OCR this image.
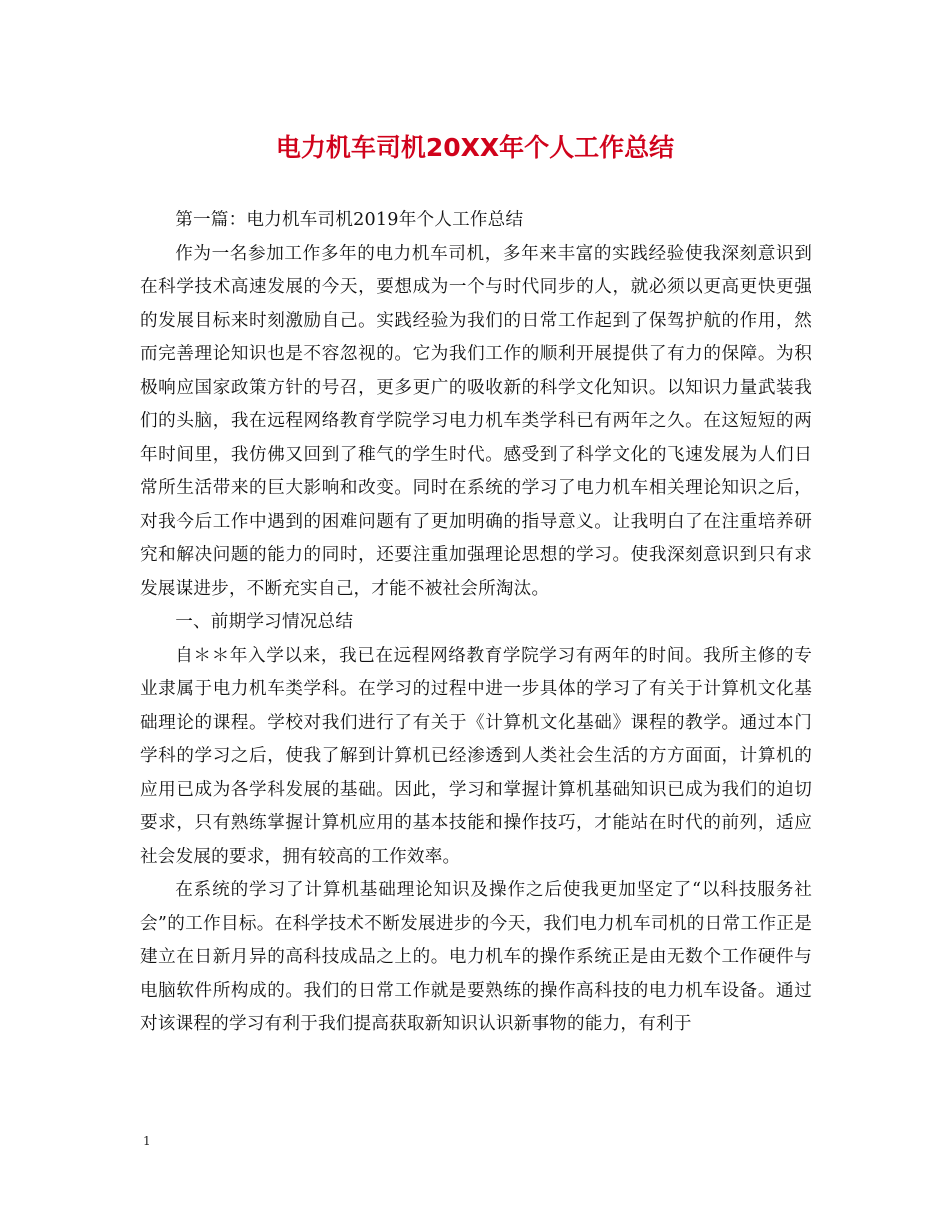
电力机车司机20XX年个人工作总结

第一篇：电力机车司机2019年个人工作总结

作为一名参加工作多年的电力机车司机，多年来丰富的实践经验使我深刻意识到在科学技术高速发展的今天，要想成为一个与时代同步的人，就必须以更高更快更强的发展目标来时刻激励自己。实践经验为我们的日常工作起到了保驾护航的作用，然而完善理论知识也是不容忽视的。它为我们工作的顺利开展提供了有力的保障。为积极响应国家政策方针的号召，更多更广的吸收新的科学文化知识。以知识力量武装我们的头脑，我在远程网络教育学院学习电力机车类学科已有两年之久。在这短短的两年时间里，我仿佛又回到了稚气的学生时代。感受到了科学文化的飞速发展为人们日常所生活带来的巨大影响和改变。同时在系统的学习了电力机车相关理论知识之后，对我今后工作中遇到的困难问题有了更加明确的指导意义。让我明白了在注重培养研究和解决问题的能力的同时，还要注重加强理论思想的学习。使我深刻意识到只有求发展谋进步，不断充实自己，才能不被社会所淘汰。

一、前期学习情况总结

自＊＊年入学以来，我已在远程网络教育学院学习有两年的时间。我所主修的专业隶属于电力机车类学科。在学习的过程中进一步具体的学习了有关于计算机文化基础理论的课程。学校对我们进行了有关于《计算机文化基础》课程的教学。通过本门学科的学习之后，使我了解到计算机已经渗透到人类社会生活的方方面面，计算机的应用已成为各学科发展的基础。因此，学习和掌握计算机基础知识已成为我们的迫切要求，只有熟练掌握计算机应用的基本技能和操作技巧，才能站在时代的前列，适应社会发展的要求，拥有较高的工作效率。

在系统的学习了计算机基础理论知识及操作之后使我更加坚定了“以科技服务社会”的工作目标。在科学技术不断发展进步的今天，我们电力机车司机的日常工作正是建立在日新月异的高科技成品之上的。电力机车的操作系统正是由无数个工作硬件与电脑软件所构成的。我们的日常工作就是要熟练的操作高科技的电力机车设备。通过对该课程的学习有利于我们提高获取新知识认识新事物的能力，有利于

1
